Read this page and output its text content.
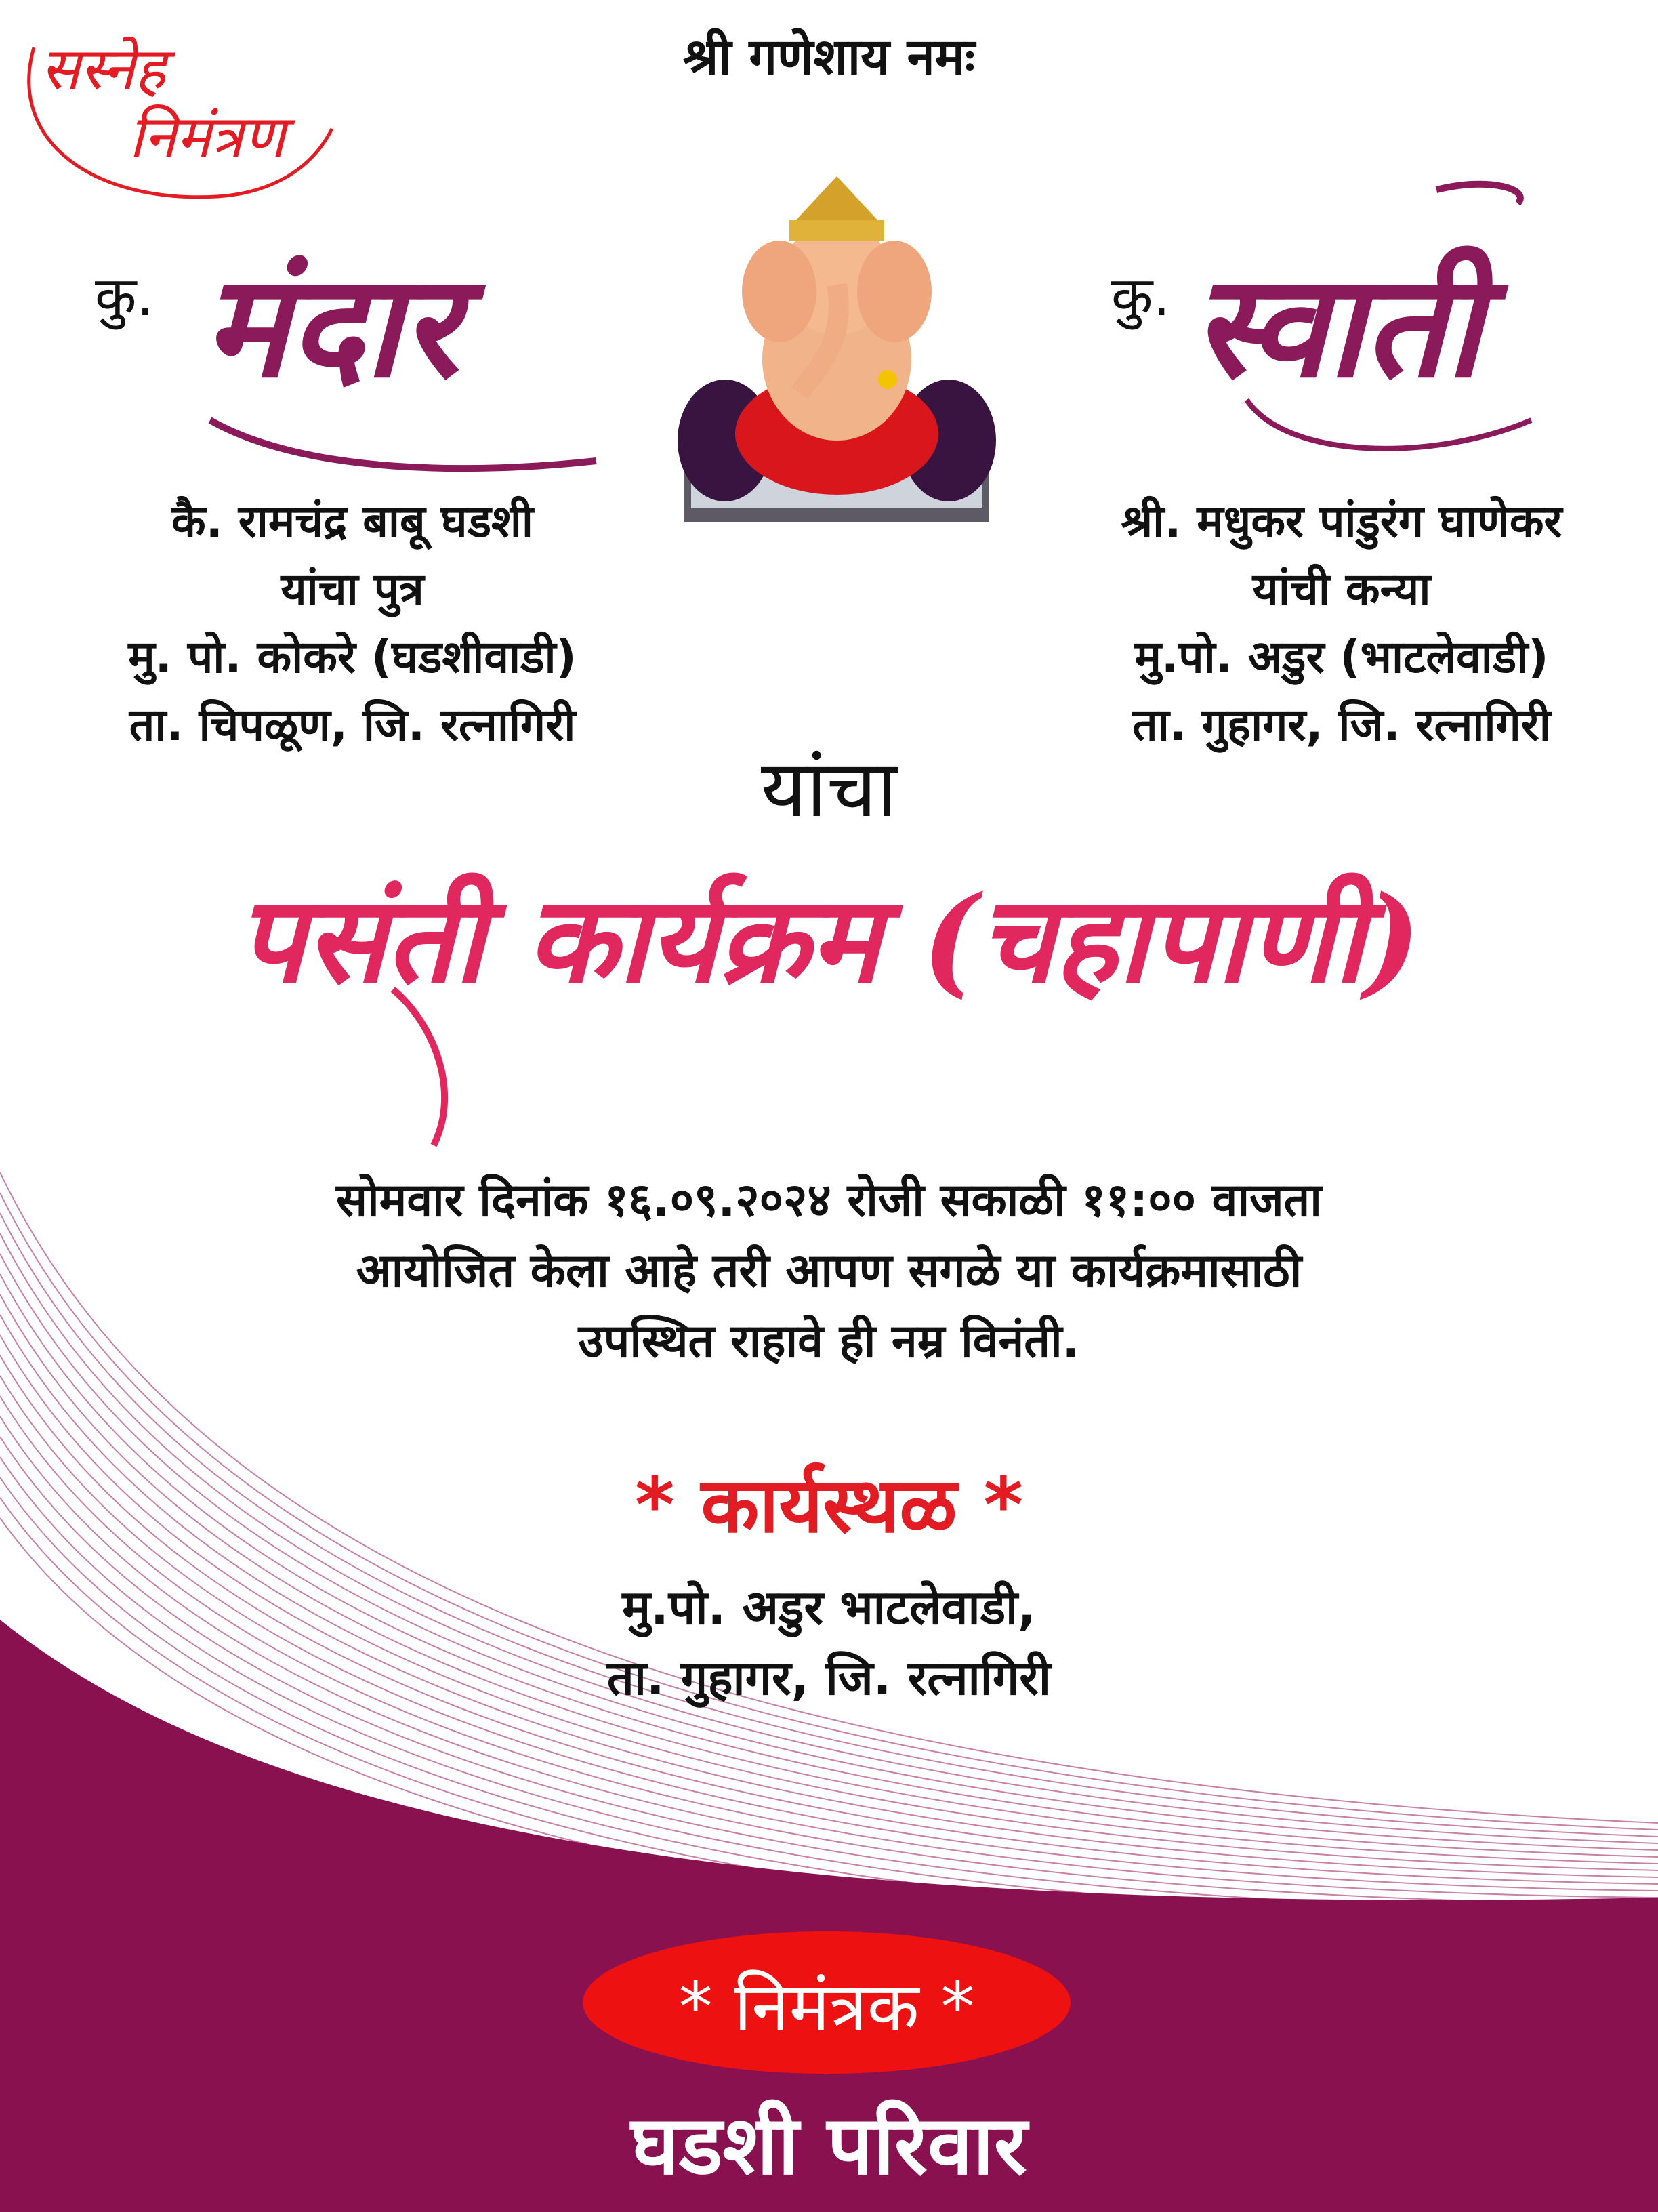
सस्नेह
निमंत्रण
श्री गणेशाय नमः
कु. मंदार
कै. रामचंद्र बाबू घडशी
यांचा पुत्र
मु. पो. कोकरे (घडशीवाडी)
ता. चिपळूण, जि. रत्नागिरी
कु. स्वाती
श्री. मधुकर पांडुरंग घाणेकर
यांची कन्या
मु.पो. अडुर (भाटलेवाडी)
ता. गुहागर, जि. रत्नागिरी
यांचा
पसंती कार्यक्रम (चहापाणी)
सोमवार दिनांक १६.०९.२०२४ रोजी सकाळी ११:०० वाजता
आयोजित केला आहे तरी आपण सगळे या कार्यक्रमासाठी
उपस्थित राहावे ही नम्र विनंती.
* कार्यस्थळ *
मु.पो. अडुर भाटलेवाडी,
ता. गुहागर, जि. रत्नागिरी
* निमंत्रक *
घडशी परिवार
